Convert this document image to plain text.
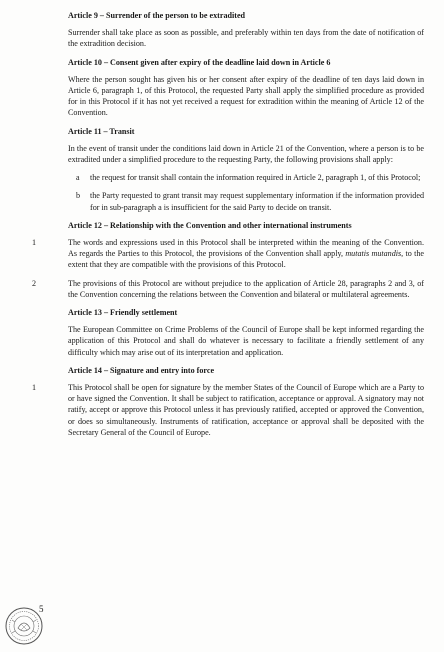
Article 9 – Surrender of the person to be extradited

Surrender shall take place as soon as possible, and preferably within ten days from the date of notification of the extradition decision.

Article 10 – Consent given after expiry of the deadline laid down in Article 6

Where the person sought has given his or her consent after expiry of the deadline of ten days laid down in Article 6, paragraph 1, of this Protocol, the requested Party shall apply the simplified procedure as provided for in this Protocol if it has not yet received a request for extradition within the meaning of Article 12 of the Convention.

Article 11 – Transit

In the event of transit under the conditions laid down in Article 21 of the Convention, where a person is to be extradited under a simplified procedure to the requesting Party, the following provisions shall apply:

a	the request for transit shall contain the information required in Article 2, paragraph 1, of this Protocol;
b	the Party requested to grant transit may request supplementary information if the information provided for in sub-paragraph a is insufficient for the said Party to decide on transit.
Article 12 – Relationship with the Convention and other international instruments
1	The words and expressions used in this Protocol shall be interpreted within the meaning of the Convention. As regards the Parties to this Protocol, the provisions of the Convention shall apply, mutatis mutandis, to the extent that they are compatible with the provisions of this Protocol.
2	The provisions of this Protocol are without prejudice to the application of Article 28, paragraphs 2 and 3, of the Convention concerning the relations between the Convention and bilateral or multilateral agreements.
Article 13 – Friendly settlement

The European Committee on Crime Problems of the Council of Europe shall be kept informed regarding the application of this Protocol and shall do whatever is necessary to facilitate a friendly settlement of any difficulty which may arise out of its interpretation and application.

Article 14 – Signature and entry into force
1	This Protocol shall be open for signature by the member States of the Council of Europe which are a Party to or have signed the Convention. It shall be subject to ratification, acceptance or approval. A signatory may not ratify, accept or approve this Protocol unless it has previously ratified, accepted or approved the Convention, or does so simultaneously. Instruments of ratification, acceptance or approval shall be deposited with the Secretary General of the Council of Europe.
5
